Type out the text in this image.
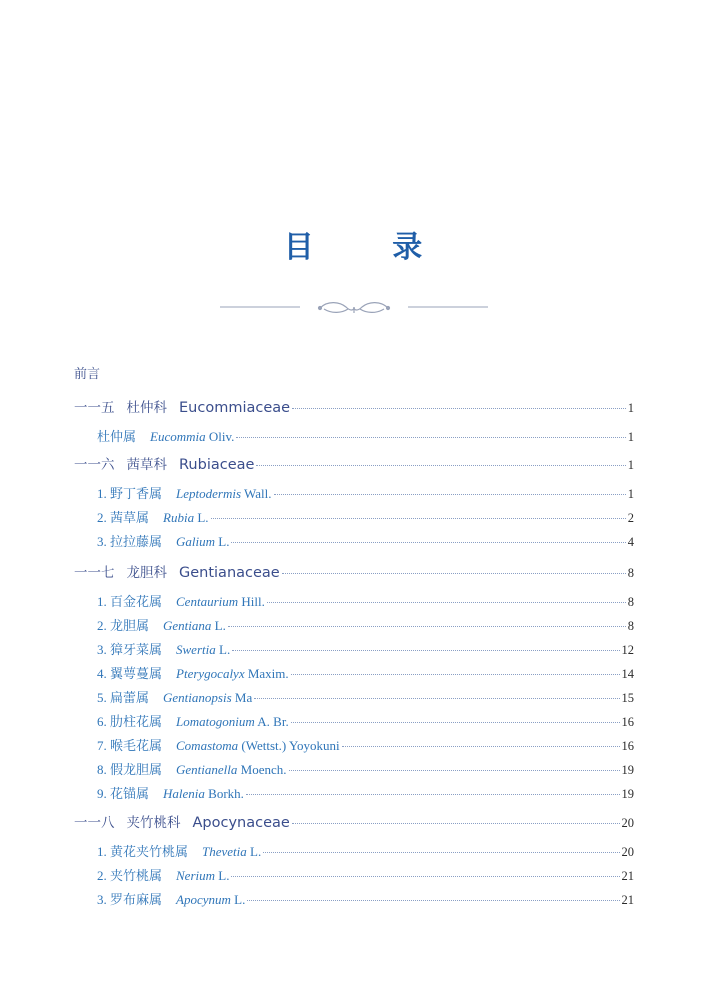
目 录
前言
一一五 杜仲科 Eucommiaceae	1
杜仲属 Eucommia Oliv.	1
一一六 茜草科 Rubiaceae	1
1. 野丁香属 Leptodermis Wall.	1
2. 茜草属 Rubia L.	2
3. 拉拉藤属 Galium L.	4
一一七 龙胆科 Gentianaceae	8
1. 百金花属 Centaurium Hill.	8
2. 龙胆属 Gentiana L.	8
3. 獐牙菜属 Swertia L.	12
4. 翼萼蔓属 Pterygocalyx Maxim.	14
5. 扁蕾属 Gentianopsis Ma	15
6. 肋柱花属 Lomatogonium A. Br.	16
7. 喉毛花属 Comastoma (Wettst.) Yoyokuni	16
8. 假龙胆属 Gentianella Moench.	19
9. 花锚属 Halenia Borkh.	19
一一八 夹竹桃科 Apocynaceae	20
1. 黄花夹竹桃属 Thevetia L.	20
2. 夹竹桃属 Nerium L.	21
3. 罗布麻属 Apocynum L.	21
